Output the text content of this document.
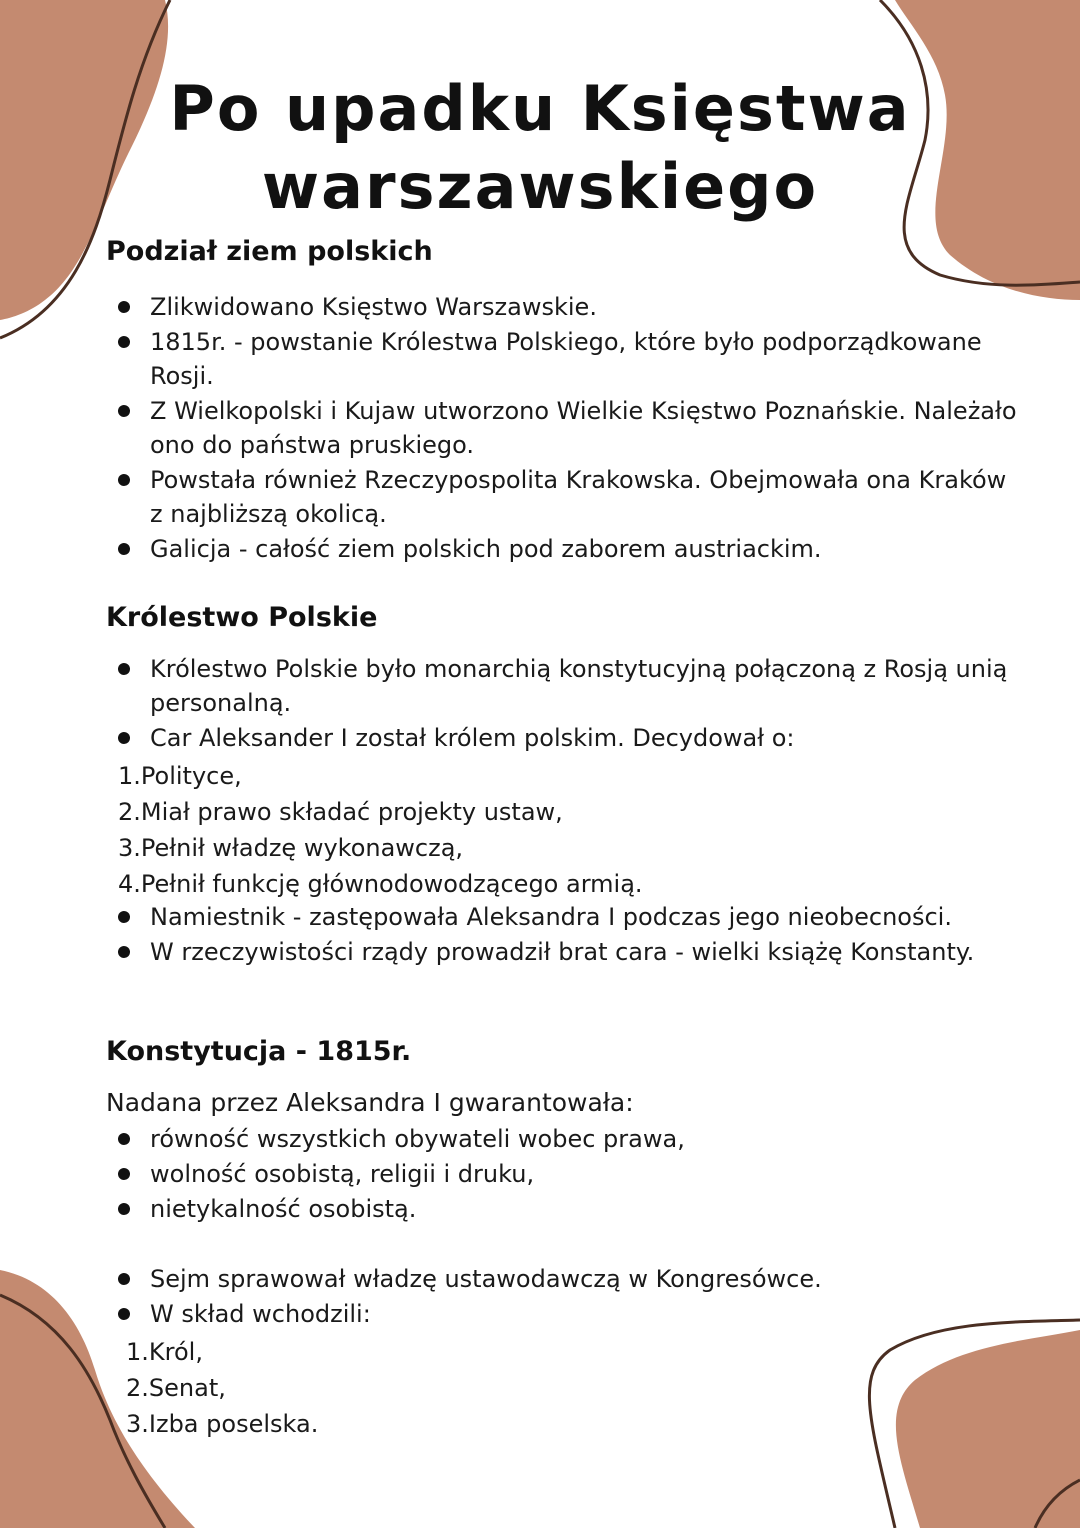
Po upadku Księstwa
warszawskiego
Podział ziem polskich
Zlikwidowano Księstwo Warszawskie.
1815r. - powstanie Królestwa Polskiego, które było podporządkowane Rosji.
Z Wielkopolski i Kujaw utworzono Wielkie Księstwo Poznańskie. Należało ono do państwa pruskiego.
Powstała również Rzeczypospolita Krakowska. Obejmowała ona Kraków z najbliższą okolicą.
Galicja - całość ziem polskich pod zaborem austriackim.
Królestwo Polskie
Królestwo Polskie było monarchią konstytucyjną połączoną z Rosją unią personalną.
Car Aleksander I został królem polskim. Decydował o:
1.Polityce,
2.Miał prawo składać projekty ustaw,
3.Pełnił władzę wykonawczą,
4.Pełnił funkcję głównodowodzącego armią.
Namiestnik - zastępowała Aleksandra I podczas jego nieobecności.
W rzeczywistości rządy prowadził brat cara - wielki książę Konstanty.
Konstytucja - 1815r.

Nadana przez Aleksandra I gwarantowała:

równość wszystkich obywateli wobec prawa,
wolność osobistą, religii i druku,
nietykalność osobistą.
Sejm sprawował władzę ustawodawczą w Kongresówce.
W skład wchodzili:
1.Król,
2.Senat,
3.Izba poselska.
